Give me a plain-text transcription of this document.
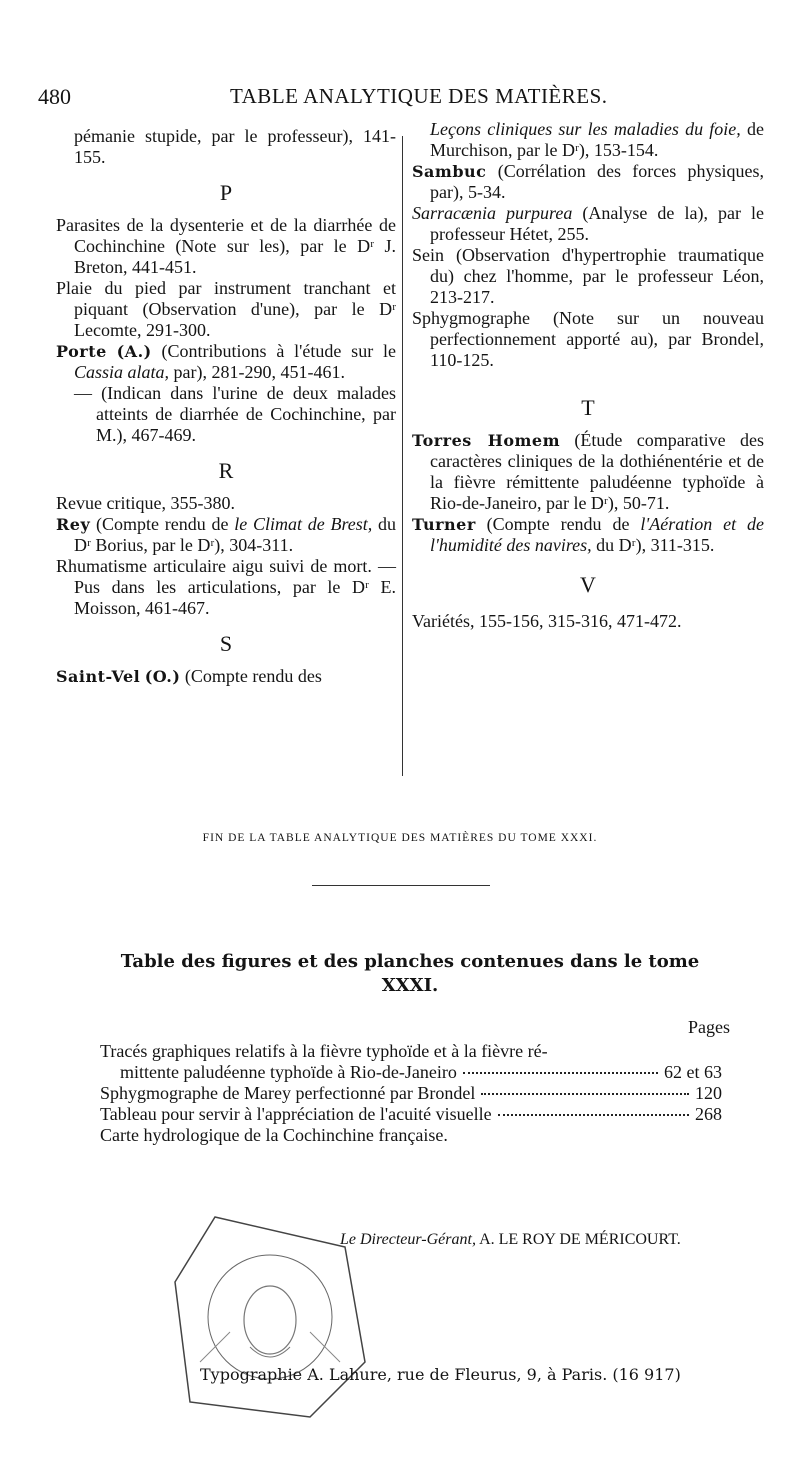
480	TABLE ANALYTIQUE DES MATIÈRES.

pémanie stupide, par le professeur), 141-155.

P

Parasites de la dysenterie et de la diarrhée de Cochinchine (Note sur les), par le Dʳ J. Breton, 441-451.

Plaie du pied par instrument tranchant et piquant (Observation d'une), par le Dʳ Lecomte, 291-300.

Porte (A.) (Contributions à l'étude sur le Cassia alata, par), 281-290, 451-461.

— (Indican dans l'urine de deux malades atteints de diarrhée de Cochinchine, par M.), 467-469.

R

Revue critique, 355-380.

Rey (Compte rendu de le Climat de Brest, du Dʳ Borius, par le Dʳ), 304-311.

Rhumatisme articulaire aigu suivi de mort. — Pus dans les articulations, par le Dʳ E. Moisson, 461-467.

S

Saint-Vel (O.) (Compte rendu des

Leçons cliniques sur les maladies du foie, de Murchison, par le Dʳ), 153-154.

Sambuc (Corrélation des forces physiques, par), 5-34.

Sarracænia purpurea (Analyse de la), par le professeur Hétet, 255.

Sein (Observation d'hypertrophie traumatique du) chez l'homme, par le professeur Léon, 213-217.

Sphygmographe (Note sur un nouveau perfectionnement apporté au), par Brondel, 110-125.

T

Torres Homem (Étude comparative des caractères cliniques de la dothiénentérie et de la fièvre rémittente paludéenne typhoïde à Rio-de-Janeiro, par le Dʳ), 50-71.

Turner (Compte rendu de l'Aération et de l'humidité des navires, du Dʳ), 311-315.

V

Variétés, 155-156, 315-316, 471-472.

FIN DE LA TABLE ANALYTIQUE DES MATIÈRES DU TOME XXXI.
Table des figures et des planches contenues dans le tome XXXI.
Pages
Tracés graphiques relatifs à la fièvre typhoïde et à la fièvre ré-
mittente paludéenne typhoïde à Rio-de-Janeiro	62 et 63
Sphygmographe de Marey perfectionné par Brondel	120
Tableau pour servir à l'appréciation de l'acuité visuelle	268
Carte hydrologique de la Cochinchine française.
Le Directeur-Gérant, A. LE ROY DE MÉRICOURT.
Typographie A. Lahure, rue de Fleurus, 9, à Paris. (16 917)
